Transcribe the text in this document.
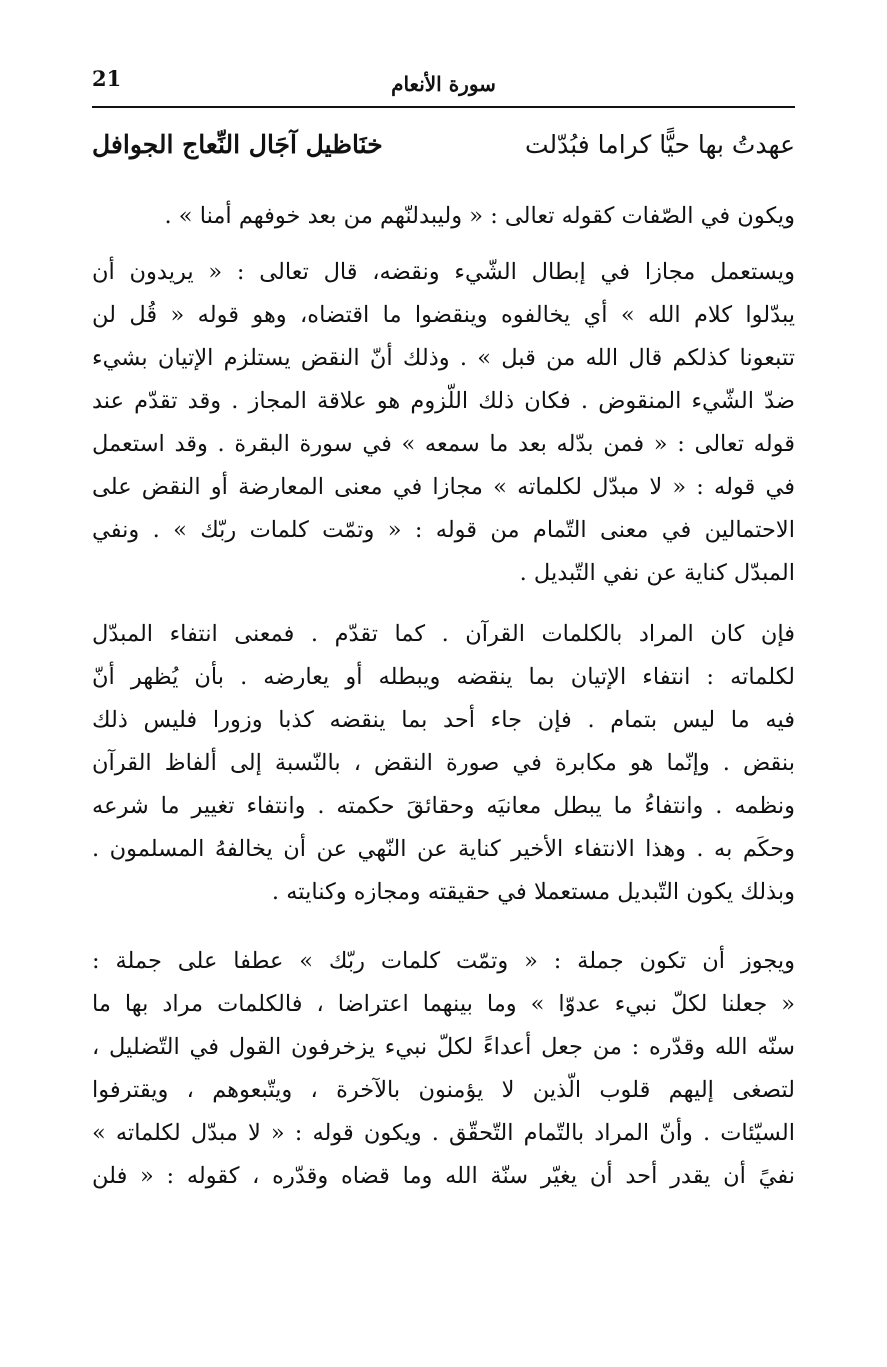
21	سورة الأنعام
عهدتُ بها حيًّا كراما فبُدّلت
خنَاظيل آجَال النِّعاج الجوافل
ويكون في الصّفات كقوله تعالى : « وليبدلنّهم من بعد خوفهم أمنا » .
ويستعمل مجازا في إبطال الشّيء ونقضه، قال تعالى : « يريدون أن
يبدّلوا كلام الله » أي يخالفوه وينقضوا ما اقتضاه، وهو قوله « قُل لن
تتبعونا كذلكم قال الله من قبل » . وذلك أنّ النقض يستلزم الإتيان بشيء
ضدّ الشّيء المنقوض . فكان ذلك اللّزوم هو علاقة المجاز . وقد تقدّم عند
قوله تعالى : « فمن بدّله بعد ما سمعه » في سورة البقرة . وقد استعمل
في قوله : « لا مبدّل لكلماته » مجازا في معنى المعارضة أو النقض على
الاحتمالين في معنى التّمام من قوله : « وتمّت كلمات ربّك » . ونفي
المبدّل كناية عن نفي التّبديل .
فإن كان المراد بالكلمات القرآن . كما تقدّم . فمعنى انتفاء المبدّل
لكلماته : انتفاء الإتيان بما ينقضه ويبطله أو يعارضه . بأن يُظهر أنّ
فيه ما ليس بتمام . فإن جاء أحد بما ينقضه كذبا وزورا فليس ذلك
بنقض . وإنّما هو مكابرة في صورة النقض ، بالنّسبة إلى ألفاظ القرآن
ونظمه . وانتفاءُ ما يبطل معانيَه وحقائقَ حكمته . وانتفاء تغيير ما شرعه
وحكَم به . وهذا الانتفاء الأخير كناية عن النّهي عن أن يخالفهُ المسلمون .
وبذلك يكون التّبديل مستعملا في حقيقته ومجازه وكنايته .
ويجوز أن تكون جملة : « وتمّت كلمات ربّك » عطفا على جملة :
« جعلنا لكلّ نبيء عدوّا » وما بينهما اعتراضا ، فالكلمات مراد بها ما
سنّه الله وقدّره : من جعل أعداءً لكلّ نبيء يزخرفون القول في التّضليل ،
لتصغى إليهم قلوب الّذين لا يؤمنون بالآخرة ، ويتّبعوهم ، ويقترفوا
السيّئات . وأنّ المراد بالتّمام التّحقّق . ويكون قوله : « لا مبدّل لكلماته »
نفيً أن يقدر أحد أن يغيّر سنّة الله وما قضاه وقدّره ، كقوله : « فلن
